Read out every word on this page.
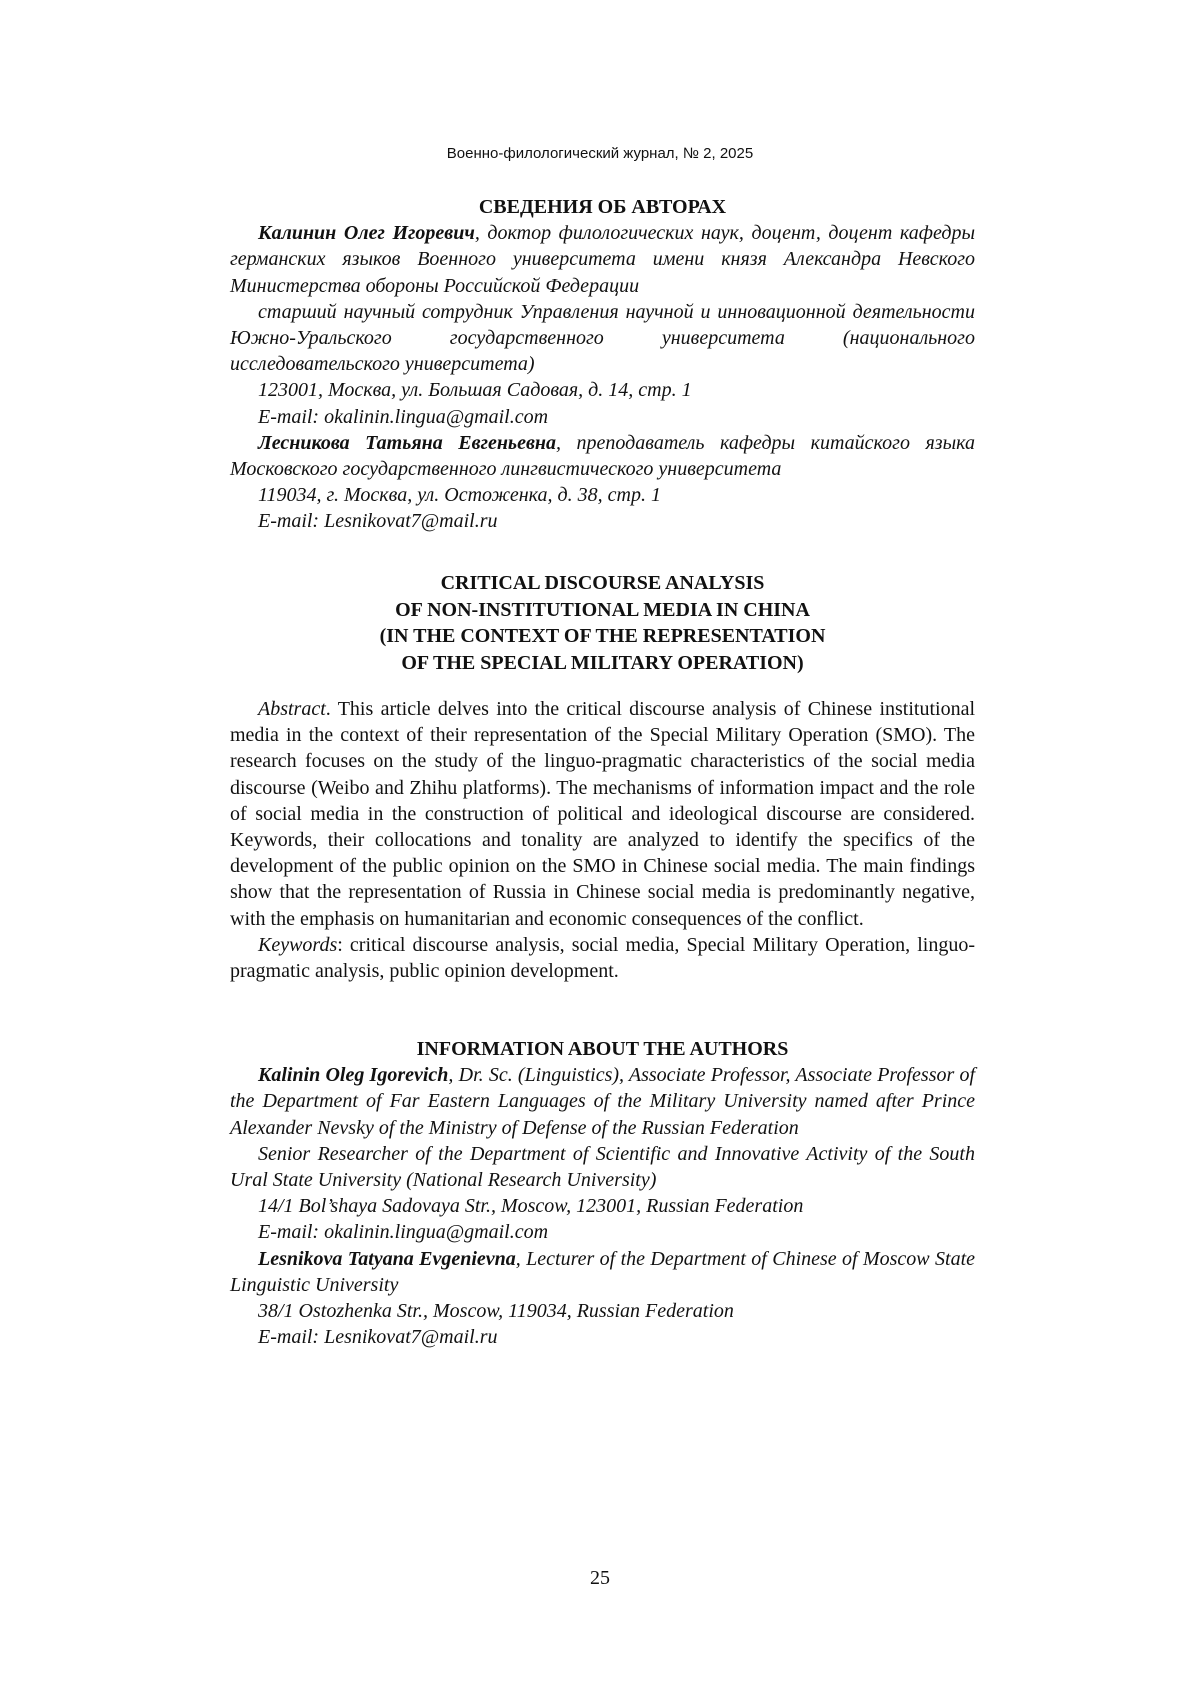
Военно-филологический журнал, № 2, 2025

СВЕДЕНИЯ ОБ АВТОРАХ

Калинин Олег Игоревич, доктор филологических наук, доцент, доцент кафедры германских языков Военного университета имени князя Александра Невского Министерства обороны Российской Федерации

старший научный сотрудник Управления научной и инновационной деятельности Южно-Уральского государственного университета (национального исследовательского университета)

123001, Москва, ул. Большая Садовая, д. 14, стр. 1

E-mail: okalinin.lingua@gmail.com

Лесникова Татьяна Евгеньевна, преподаватель кафедры китайского языка Московского государственного лингвистического университета

119034, г. Москва, ул. Остоженка, д. 38, стр. 1

E-mail: Lesnikovat7@mail.ru

CRITICAL DISCOURSE ANALYSIS

OF NON-INSTITUTIONAL MEDIA IN CHINA

(IN THE CONTEXT OF THE REPRESENTATION

OF THE SPECIAL MILITARY OPERATION)

Abstract. This article delves into the critical discourse analysis of Chinese institutional media in the context of their representation of the Special Military Operation (SMO). The research focuses on the study of the linguo-pragmatic characteristics of the social media discourse (Weibo and Zhihu platforms). The mechanisms of information impact and the role of social media in the construction of political and ideological discourse are considered. Keywords, their collocations and tonality are analyzed to identify the specifics of the development of the public opinion on the SMO in Chinese social media. The main findings show that the representation of Russia in Chinese social media is predominantly negative, with the emphasis on humanitarian and economic consequences of the conflict.

Keywords: critical discourse analysis, social media, Special Military Operation, linguo-pragmatic analysis, public opinion development.

INFORMATION ABOUT THE AUTHORS

Kalinin Oleg Igorevich, Dr. Sc. (Linguistics), Associate Professor, Associate Professor of the Department of Far Eastern Languages of the Military University named after Prince Alexander Nevsky of the Ministry of Defense of the Russian Federation

Senior Researcher of the Department of Scientific and Innovative Activity of the South Ural State University (National Research University)

14/1 Bol’shaya Sadovaya Str., Moscow, 123001, Russian Federation

E-mail: okalinin.lingua@gmail.com

Lesnikova Tatyana Evgenievna, Lecturer of the Department of Chinese of Moscow State Linguistic University

38/1 Ostozhenka Str., Moscow, 119034, Russian Federation

E-mail: Lesnikovat7@mail.ru

25
